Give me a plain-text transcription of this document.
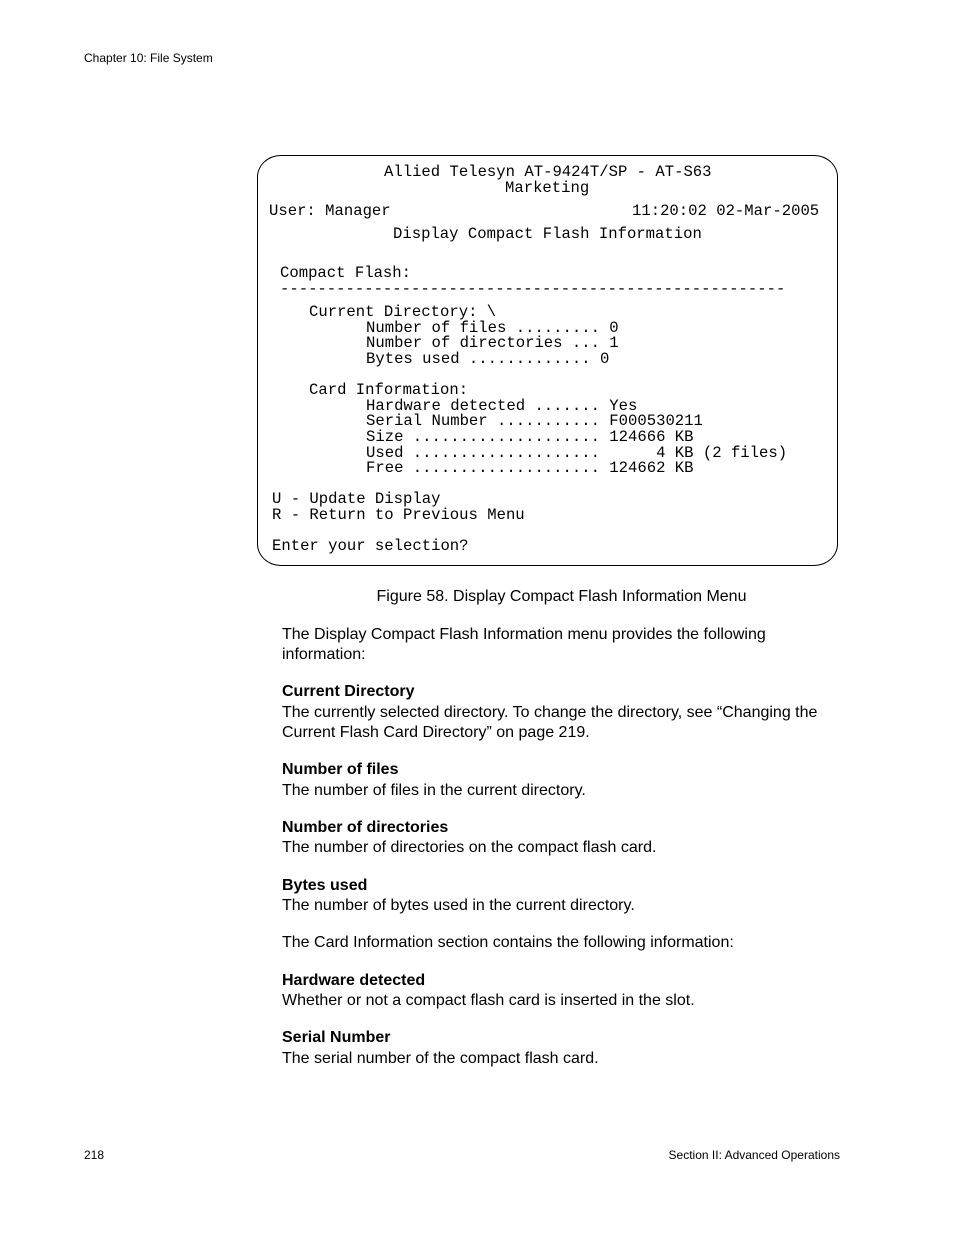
Chapter 10: File System
Allied Telesyn AT-9424T/SP - AT-S63
Marketing
User: Manager	11:20:02 02-Mar-2005
Display Compact Flash Information
Compact Flash:
------------------------------------------------------
Current Directory: \
Number of files ......... 0
Number of directories ... 1
Bytes used ............. 0
Card Information:
Hardware detected ....... Yes
Serial Number ........... F000530211
Size .................... 124666 KB
Used ....................      4 KB (2 files)
Free .................... 124662 KB
U - Update Display
R - Return to Previous Menu
Enter your selection?
Figure 58. Display Compact Flash Information Menu
The Display Compact Flash Information menu provides the following information:
Current Directory
The currently selected directory. To change the directory, see “Changing the Current Flash Card Directory” on page 219.
Number of files
The number of files in the current directory.
Number of directories
The number of directories on the compact flash card.
Bytes used
The number of bytes used in the current directory.
The Card Information section contains the following information:
Hardware detected
Whether or not a compact flash card is inserted in the slot.
Serial Number
The serial number of the compact flash card.
218	Section II: Advanced Operations
